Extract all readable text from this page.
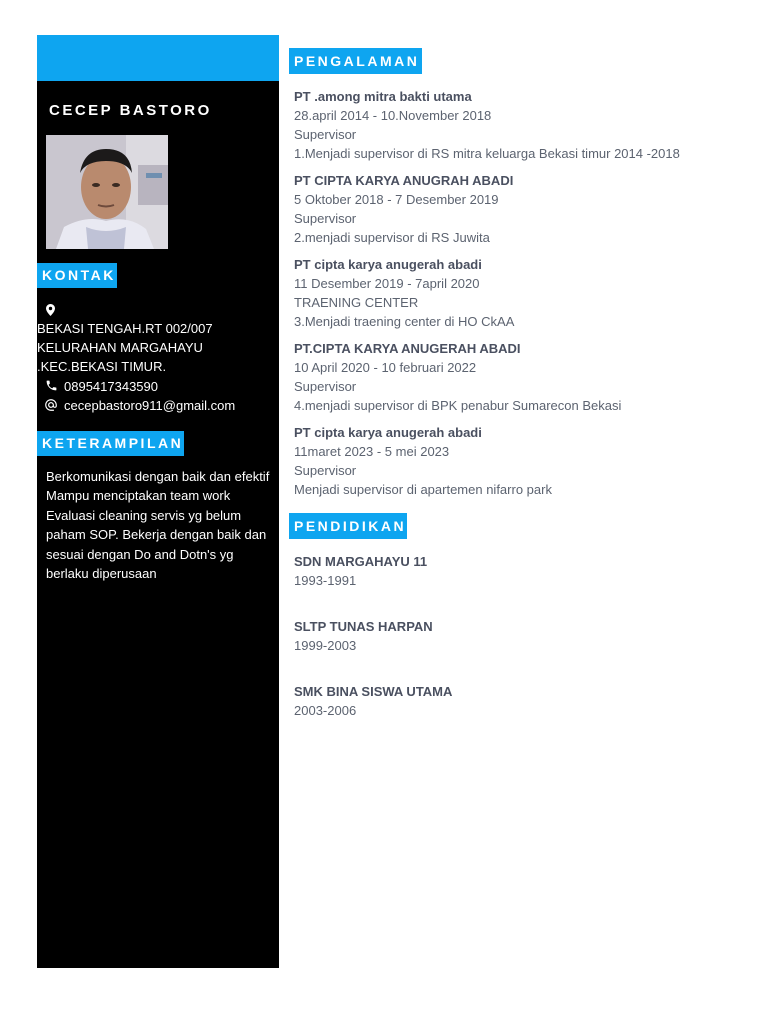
CECEP BASTORO
KONTAK
BEKASI TENGAH.RT 002/007
KELURAHAN MARGAHAYU
.KEC.BEKASI TIMUR.
0895417343590
cecepbastoro911@gmail.com
KETERAMPILAN
Berkomunikasi dengan baik dan efektif Mampu menciptakan team work Evaluasi cleaning servis yg belum paham SOP. Bekerja dengan baik dan sesuai dengan Do and Dotn's yg berlaku diperusaan
PENGALAMAN
PT .among mitra bakti utama
28.april 2014 - 10.November 2018
Supervisor
1.Menjadi supervisor di RS mitra keluarga Bekasi timur 2014 -2018
PT CIPTA KARYA ANUGRAH ABADI
5 Oktober 2018 - 7 Desember 2019
Supervisor
2.menjadi supervisor di RS Juwita
PT cipta karya anugerah abadi
11 Desember 2019 - 7april 2020
TRAENING CENTER
3.Menjadi traening center di HO CkAA
PT.CIPTA KARYA ANUGERAH ABADI
10 April 2020 - 10 februari 2022
Supervisor
4.menjadi supervisor di BPK penabur Sumarecon Bekasi
PT cipta karya anugerah abadi
11maret 2023 - 5 mei 2023
Supervisor
Menjadi supervisor di apartemen nifarro park
PENDIDIKAN
SDN MARGAHAYU 11
1993-1991
SLTP TUNAS HARPAN
1999-2003
SMK BINA SISWA UTAMA
2003-2006
